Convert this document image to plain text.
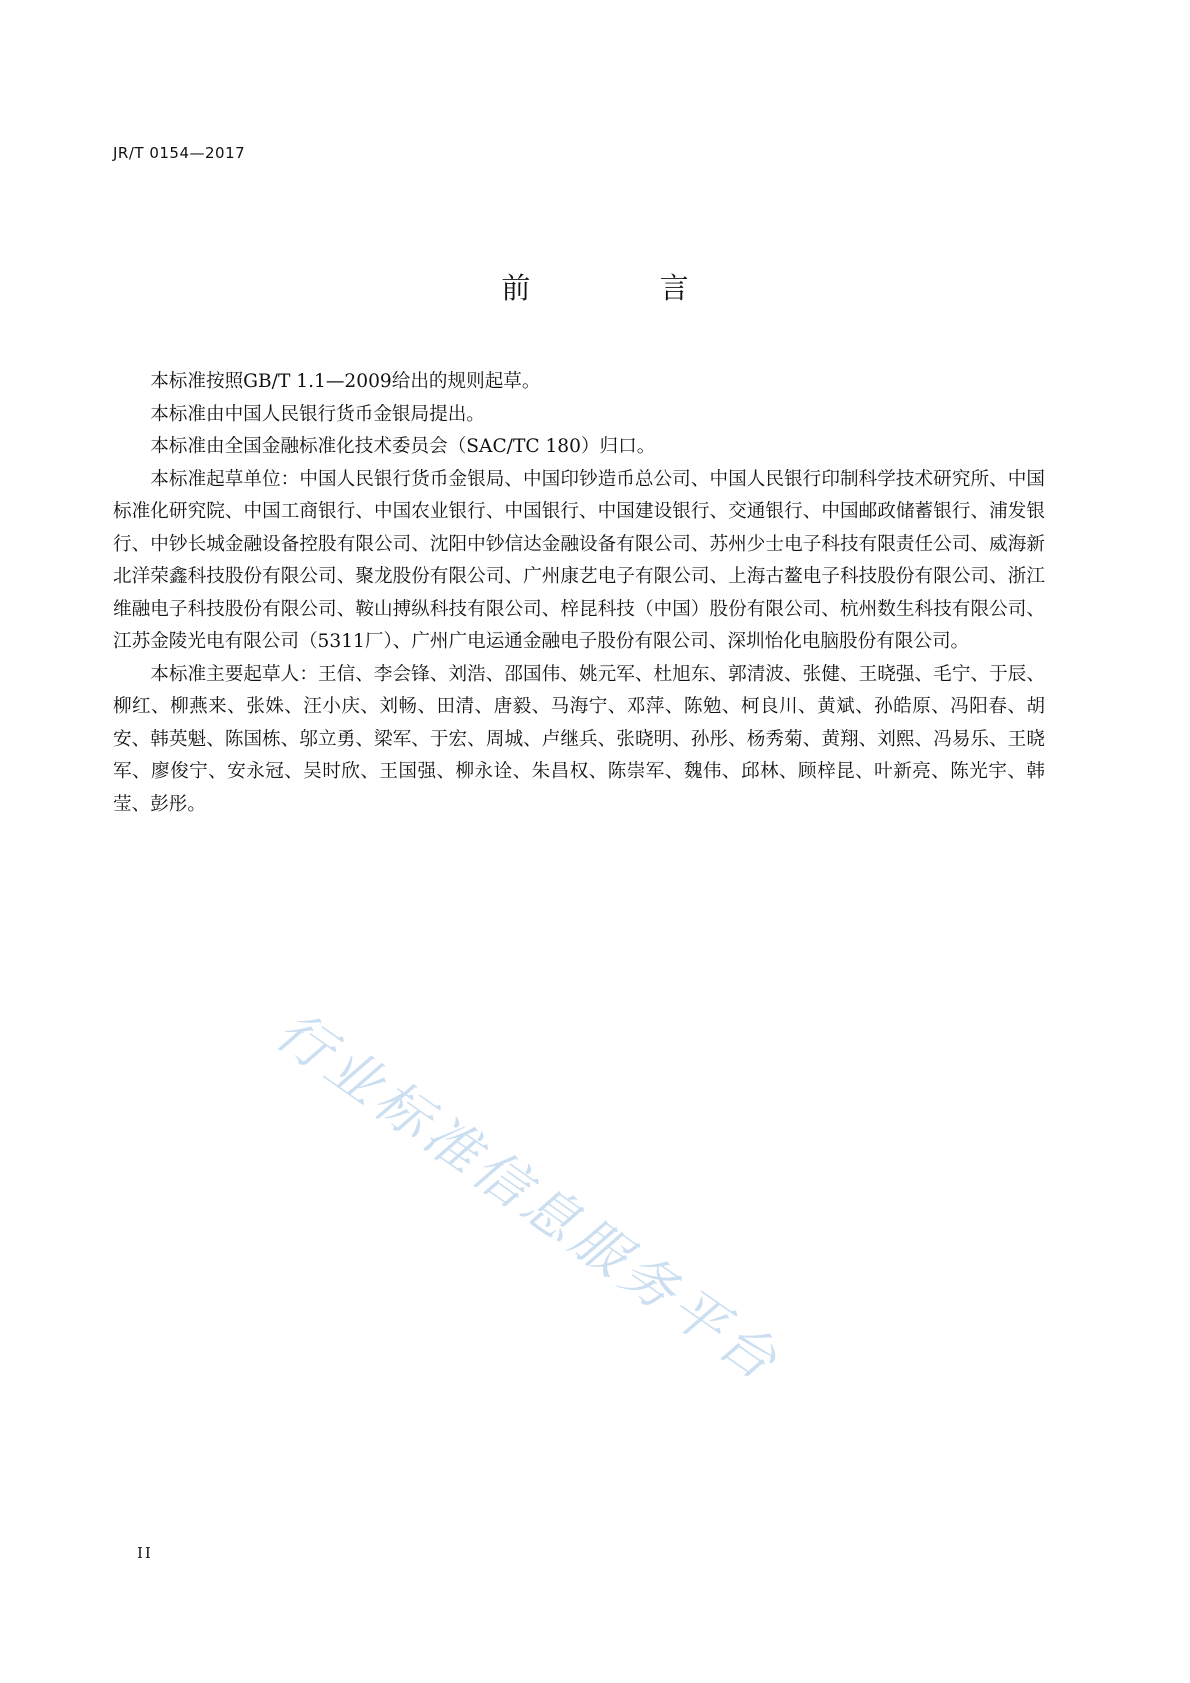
JR/T 0154—2017
前 言

本标准按照GB/T 1.1—2009给出的规则起草。

本标准由中国人民银行货币金银局提出。

本标准由全国金融标准化技术委员会（SAC/TC 180）归口。

本标准起草单位：中国人民银行货币金银局、中国印钞造币总公司、中国人民银行印制科学技术研究所、中国标准化研究院、中国工商银行、中国农业银行、中国银行、中国建设银行、交通银行、中国邮政储蓄银行、浦发银行、中钞长城金融设备控股有限公司、沈阳中钞信达金融设备有限公司、苏州少士电子科技有限责任公司、威海新北洋荣鑫科技股份有限公司、聚龙股份有限公司、广州康艺电子有限公司、上海古鳌电子科技股份有限公司、浙江维融电子科技股份有限公司、鞍山搏纵科技有限公司、梓昆科技（中国）股份有限公司、杭州数生科技有限公司、江苏金陵光电有限公司（5311厂）、广州广电运通金融电子股份有限公司、深圳怡化电脑股份有限公司。

本标准主要起草人：王信、李会锋、刘浩、邵国伟、姚元军、杜旭东、郭清波、张健、王晓强、毛宁、于辰、柳红、柳燕来、张姝、汪小庆、刘畅、田清、唐毅、马海宁、邓萍、陈勉、柯良川、黄斌、孙皓原、冯阳春、胡安、韩英魁、陈国栋、邬立勇、梁军、于宏、周城、卢继兵、张晓明、孙彤、杨秀菊、黄翔、刘熙、冯易乐、王晓军、廖俊宁、安永冠、吴时欣、王国强、柳永诠、朱昌权、陈崇军、魏伟、邱林、顾梓昆、叶新亮、陈光宇、韩莹、彭彤。

行业标准信息服务平台
II
